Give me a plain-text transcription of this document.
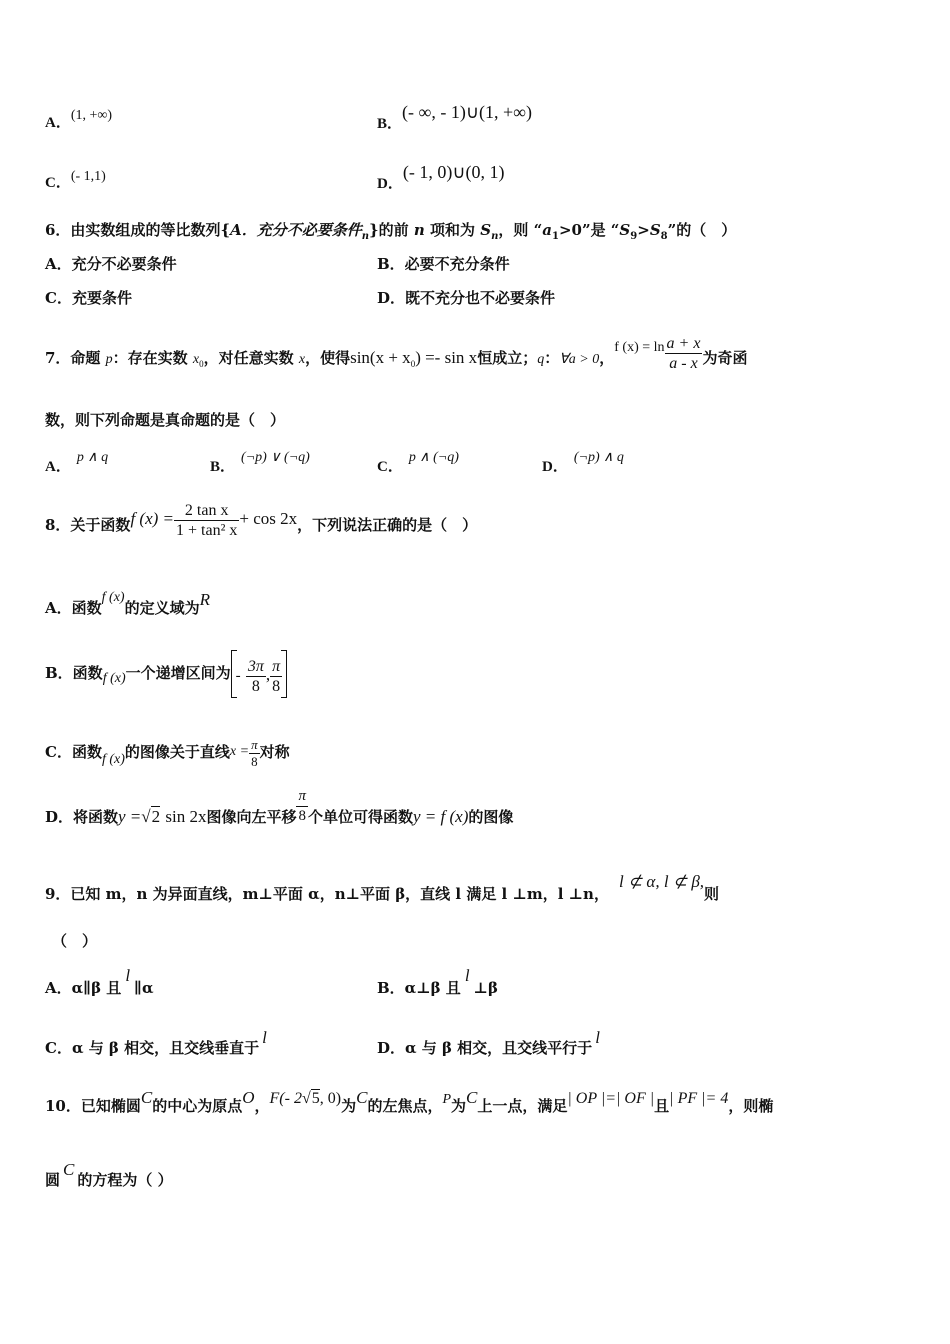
A．(1, +∞)
B．(- ∞, - 1)∪(1, +∞)
C．(- 1,1)	D．(- 1, 0)∪(0, 1)
6．由实数组成的等比数列{A．充分不必要条件$_n$}的前 n 项和为 $S_n$，则 “$a_1>0$”是 “$S_9>S_8$”的（　）
A．充分不必要条件	B．必要不充分条件
C．充要条件	D．既不充分也不必要条件
7．命题 p：存在实数 $x_0$，对任意实数 x，使得$\sin(x + x_0) =- \sin x$恒成立；q：∀a > 0，f $(x) = \ln \frac{a + x}{a - x}$ 为奇函
数，则下列命题是真命题的是（　）
A．p ∧ q
B．(¬p) ∨ (¬q)
C．p ∧ (¬q)
D．(¬p) ∧ q
8．关于函数f $(x) = \frac{\text{2 tan x}}{\text{1 + tan² x}} + \cos 2x$，下列说法正确的是（　）
A．函数f (x)的定义域为R
B．函数f (x)一个递增区间为 - $\frac{3\pi}{8}$ , $\frac{\pi}{8}$
C．函数f (x)的图像关于直线$x = \frac{\pi}{8}$ 对称
D．将函数y =√2 sin 2x图像向左平移 $\frac{\pi}{8}$ 个单位可得函数y = f (x)的图像
9．已知 m，n 为异面直线，m⊥平面 α，n⊥平面 β，直线 l 满足 l ⊥m，l ⊥n，l ⊄ α, l ⊄ β,则
（　）
A．α∥β 且l∥α	B．α⊥β 且l⊥β
C．α 与 β 相交，且交线垂直于l
D．α 与 β 相交，且交线平行于l
10．已知椭圆C的中心为原点O，F(- 2√5, 0)为C的左焦点，P为C上一点，满足| OP |=| OF |且| PF |= 4，则椭
圆C的方程为（ ）
